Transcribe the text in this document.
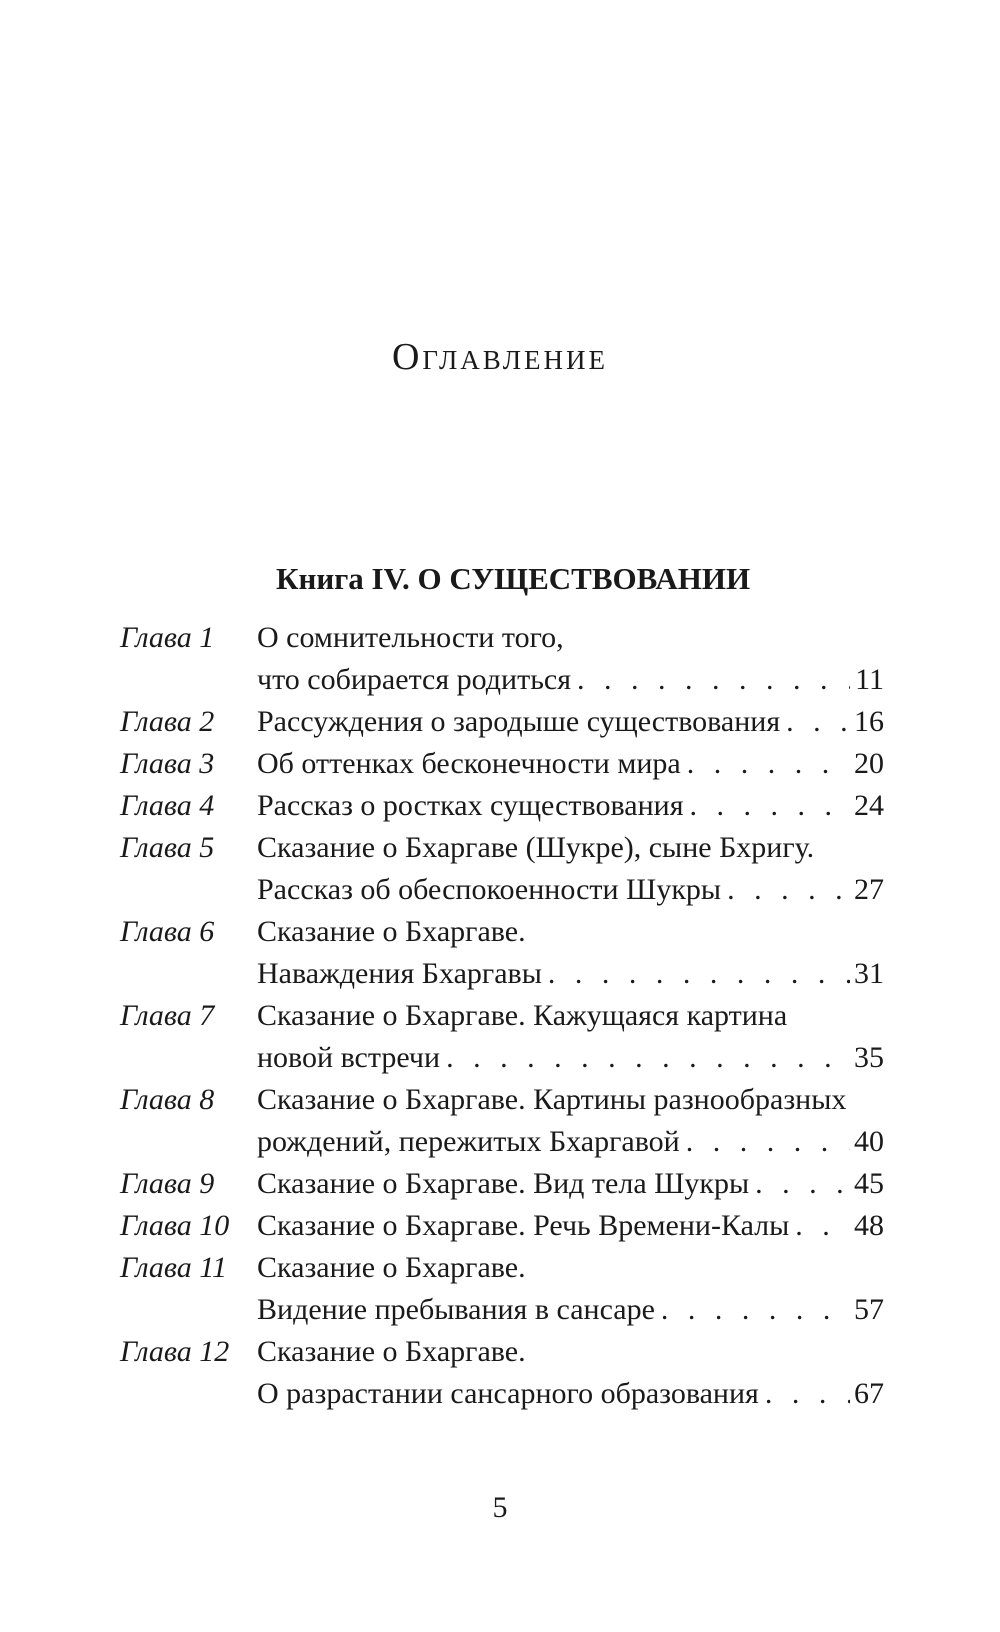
Оглавление
Книга IV. О СУЩЕСТВОВАНИИ
Глава 1 О сомнительности того,
что собирается родиться . . .	11
Глава 2 Рассуждения о зародыше существования . . . 16
Глава 3 Об оттенках бесконечности мира . . .	20
Глава 4 Рассказ о ростках существования . . .	24
Глава 5 Сказание о Бхаргаве (Шукре), сыне Бхригу.
Рассказ об обеспокоенности Шукры . . .	27
Глава 6 Сказание о Бхаргаве.
Наваждения Бхаргавы . . .	31
Глава 7 Сказание о Бхаргаве. Кажущаяся картина
новой встречи . . .	35
Глава 8 Сказание о Бхаргаве. Картины разнообразных
рождений, пережитых Бхаргавой . . .	40
Глава 9 Сказание о Бхаргаве. Вид тела Шукры . . .	45
Глава 10 Сказание о Бхаргаве. Речь Времени-Калы . . . 48
Глава 11 Сказание о Бхаргаве.
Видение пребывания в сансаре . . .	57
Глава 12 Сказание о Бхаргаве.
О разрастании сансарного образования . . .	67
5
